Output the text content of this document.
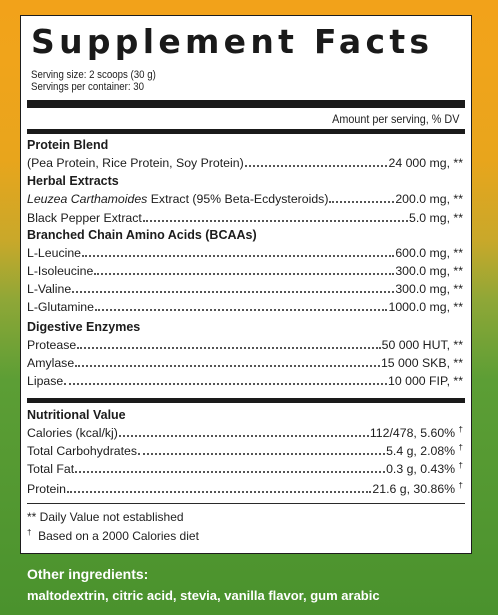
Supplement Facts
Serving size: 2 scoops (30 g)
Servings per container: 30
Amount per serving, % DV
Protein Blend
(Pea Protein, Rice Protein, Soy Protein)	24 000 mg, **
Herbal Extracts
Leuzea Carthamoides Extract (95% Beta-Ecdysteroids)	200.0 mg, **
Black Pepper Extract	5.0 mg, **
Branched Chain Amino Acids (BCAAs)
L-Leucine	600.0 mg, **
L-Isoleucine	300.0 mg, **
L-Valine	300.0 mg, **
L-Glutamine	1000.0 mg, **
Digestive Enzymes
Protease	50 000 HUT, **
Amylase	15 000 SKB, **
Lipase	10 000 FIP, **
Nutritional Value
Calories (kcal/kj)	112/478, 5.60% †
Total Carbohydrates	5.4 g, 2.08% †
Total Fat	0.3 g, 0.43% †
Protein	21.6 g, 30.86% †
** Daily Value not established
† Based on a 2000 Calories diet
Other ingredients:
maltodextrin, citric acid, stevia, vanilla flavor, gum arabic
